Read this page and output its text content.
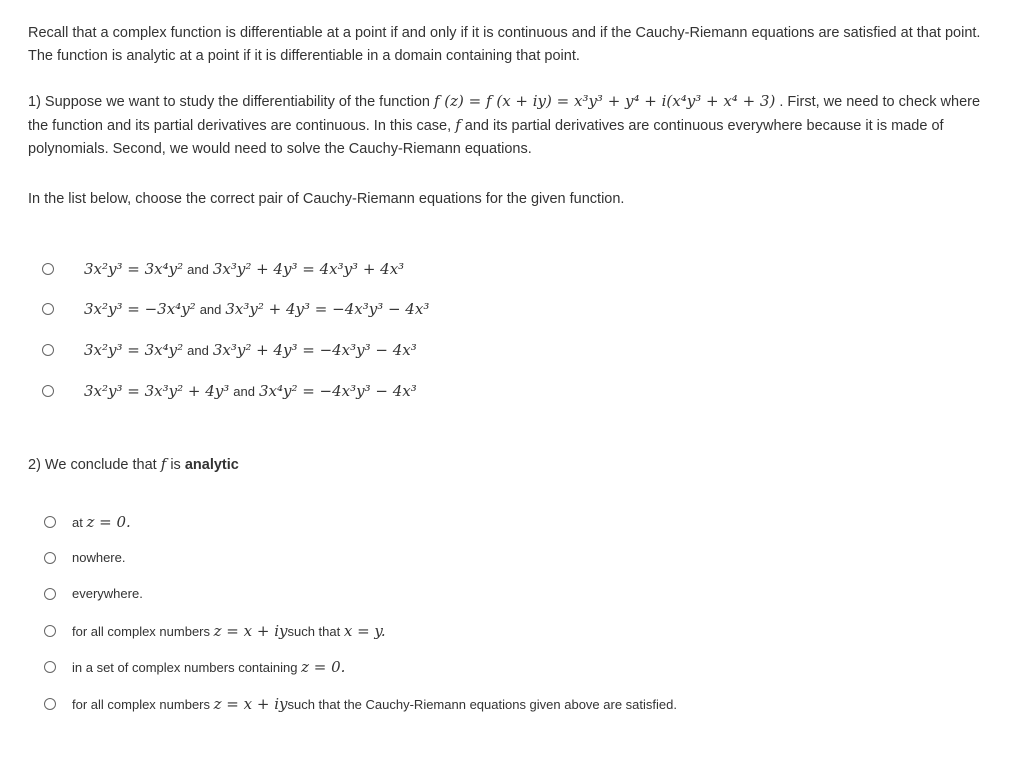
Recall that a complex function is differentiable at a point if and only if it is continuous and if the Cauchy-Riemann equations are satisfied at that point. The function is analytic at a point if it is differentiable in a domain containing that point.

1) Suppose we want to study the differentiability of the function f (z) = f (x + iy) = x³y³ + y⁴ + i(x⁴y³ + x⁴ + 3) . First, we need to check where the function and its partial derivatives are continuous. In this case, f and its partial derivatives are continuous everywhere because it is made of polynomials. Second, we would need to solve the Cauchy-Riemann equations.

In the list below, choose the correct pair of Cauchy-Riemann equations for the given function.

3x²y³ = 3x⁴y² and 3x³y² + 4y³ = 4x³y³ + 4x³
3x²y³ = −3x⁴y² and 3x³y² + 4y³ = −4x³y³ − 4x³
3x²y³ = 3x⁴y² and 3x³y² + 4y³ = −4x³y³ − 4x³
3x²y³ = 3x³y² + 4y³ and 3x⁴y² = −4x³y³ − 4x³

2) We conclude that f is analytic

at
z = 0.
nowhere.
everywhere.
for all complex numbers
z = x + iy such that
x = y.
in a set of complex numbers containing
z = 0.
for all complex numbers
z = x + iy such that the Cauchy-Riemann equations given above are satisfied.
